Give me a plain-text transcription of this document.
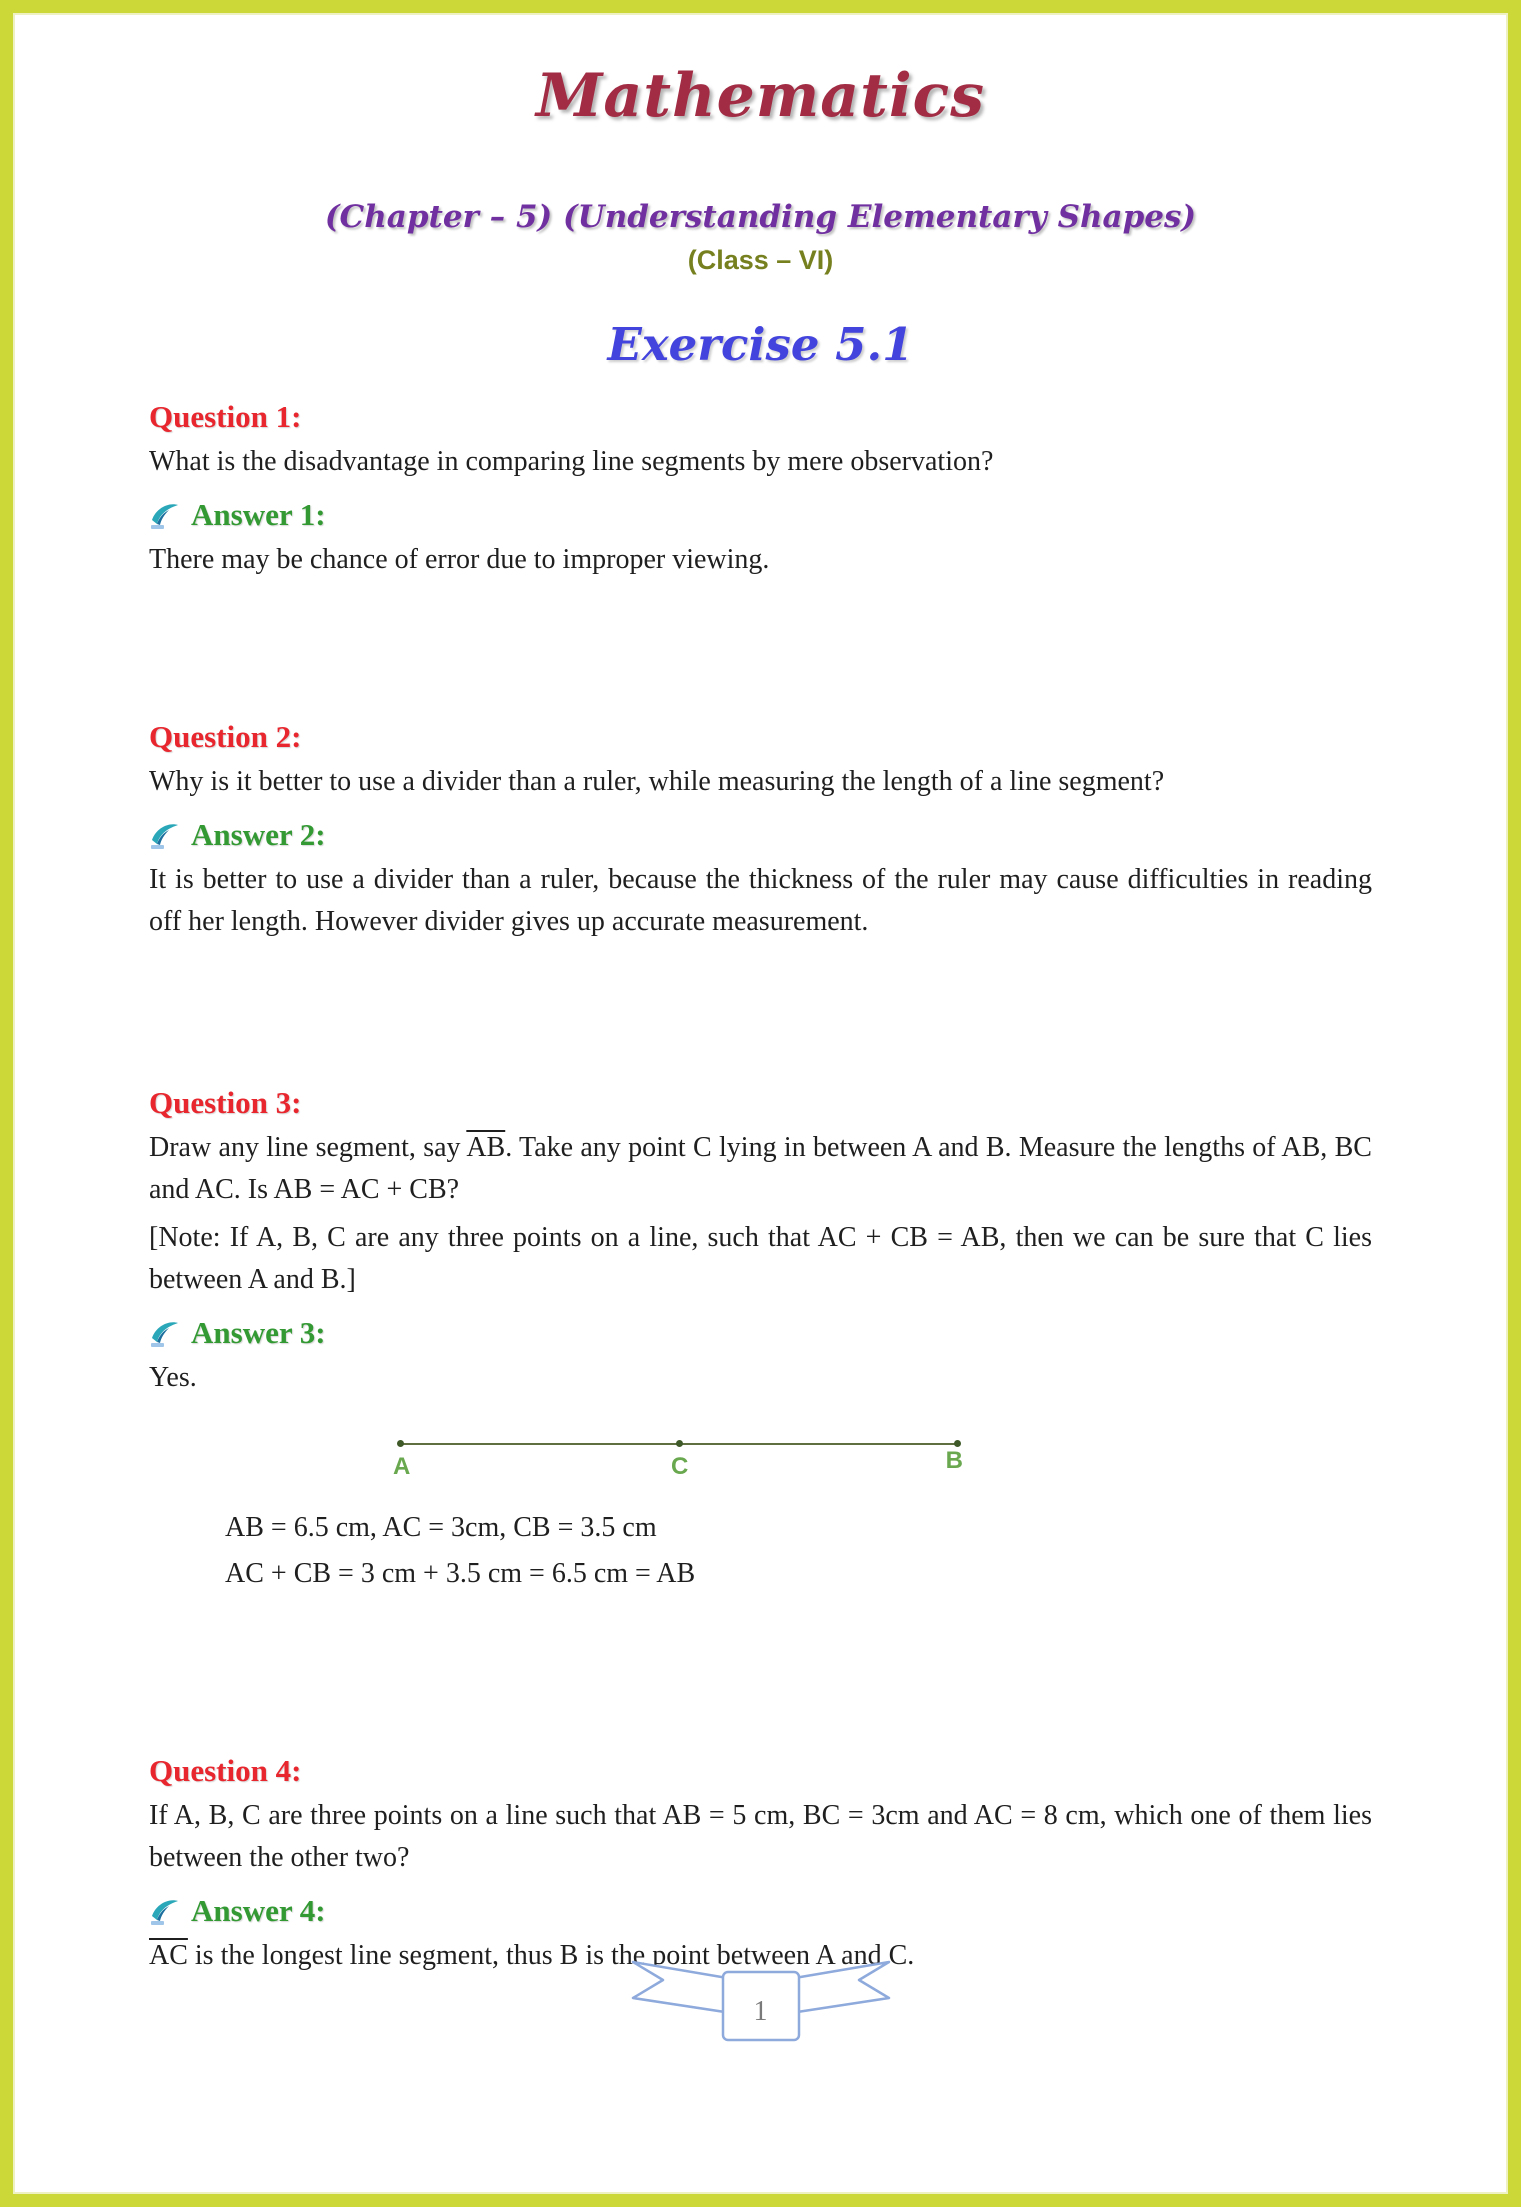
Mathematics
(Chapter – 5) (Understanding Elementary Shapes)
(Class – VI)
Exercise 5.1
Question 1:

What is the disadvantage in comparing line segments by mere observation?

Answer 1:

There may be chance of error due to improper viewing.

Question 2:

Why is it better to use a divider than a ruler, while measuring the length of a line segment?

Answer 2:

It is better to use a divider than a ruler, because the thickness of the ruler may cause difficulties in reading off her length. However divider gives up accurate measurement.

Question 3:

Draw any line segment, say $\overline{AB}$. Take any point C lying in between A and B. Measure the lengths of AB, BC and AC. Is AB = AC + CB?

[Note: If A, B, C are any three points on a line, such that AC + CB = AB, then we can be sure that C lies between A and B.]

Answer 3:

Yes.

A	C	B

AB = 6.5 cm, AC = 3cm, CB = 3.5 cm

AC + CB = 3 cm + 3.5 cm = 6.5 cm = AB

Question 4:

If A, B, C are three points on a line such that AB = 5 cm, BC = 3cm and AC = 8 cm, which one of them lies between the other two?

Answer 4:

$\overline{AC}$ is the longest line segment, thus B is the point between A and C.

1
